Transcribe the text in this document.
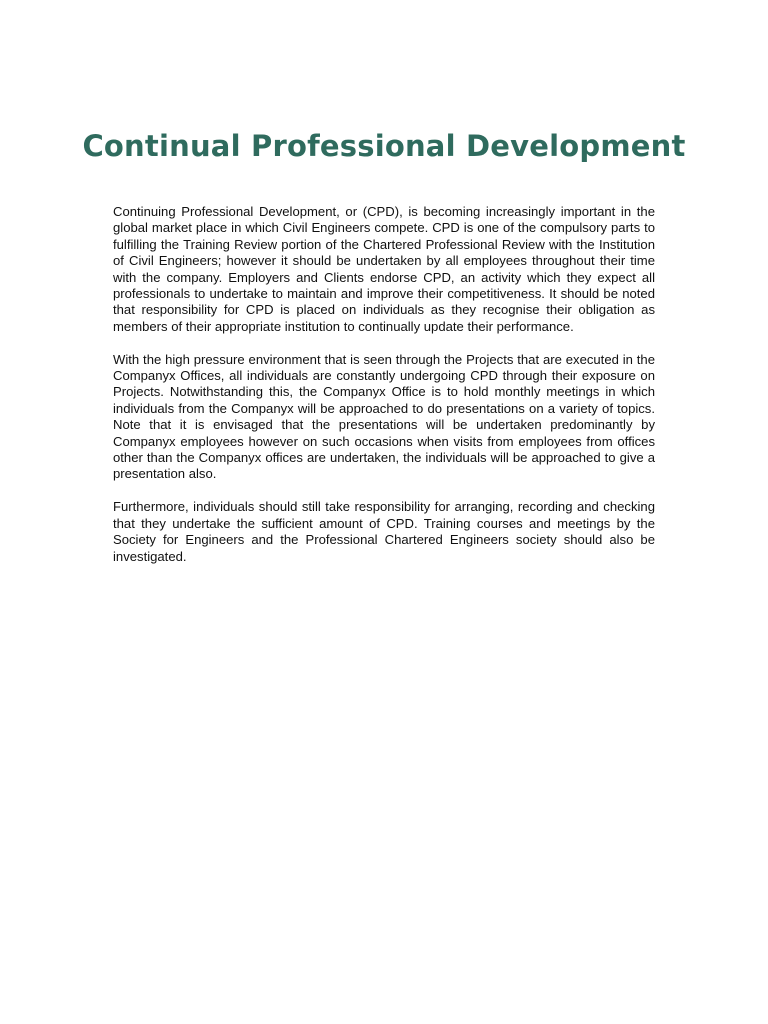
Continual Professional Development

Continuing Professional Development, or (CPD), is becoming increasingly important in the global market place in which Civil Engineers compete. CPD is one of the compulsory parts to fulfilling the Training Review portion of the Chartered Professional Review with the Institution of Civil Engineers; however it should be undertaken by all employees throughout their time with the company. Employers and Clients endorse CPD, an activity which they expect all professionals to undertake to maintain and improve their competitiveness. It should be noted that responsibility for CPD is placed on individuals as they recognise their obligation as members of their appropriate institution to continually update their performance.

With the high pressure environment that is seen through the Projects that are executed in the Companyx Offices, all individuals are constantly undergoing CPD through their exposure on Projects. Notwithstanding this, the Companyx Office is to hold monthly meetings in which individuals from the Companyx will be approached to do presentations on a variety of topics. Note that it is envisaged that the presentations will be undertaken predominantly by Companyx employees however on such occasions when visits from employees from offices other than the Companyx offices are undertaken, the individuals will be approached to give a presentation also.

Furthermore, individuals should still take responsibility for arranging, recording and checking that they undertake the sufficient amount of CPD. Training courses and meetings by the Society for Engineers and the Professional Chartered Engineers society should also be investigated.
